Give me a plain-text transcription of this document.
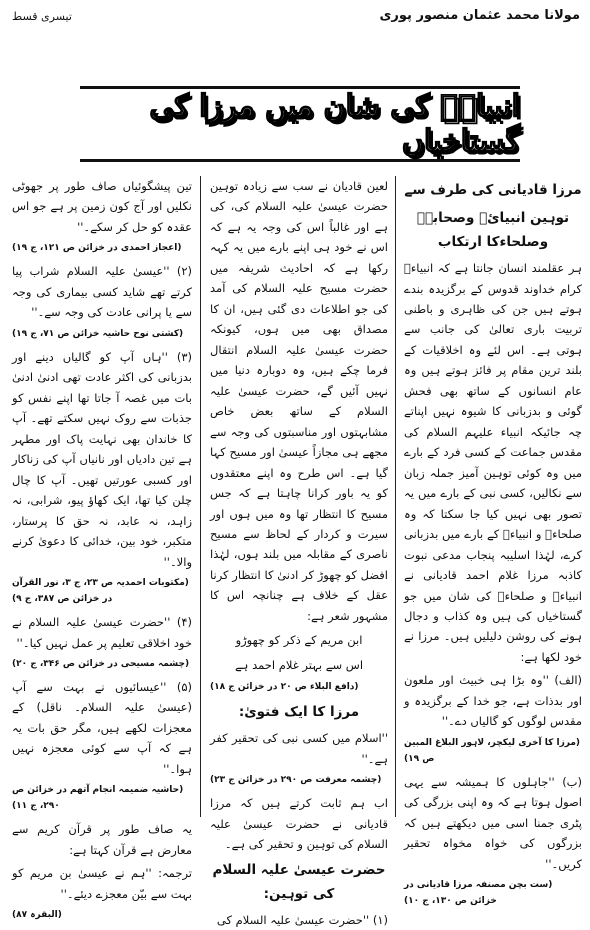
مولانا محمد عثمان منصور پوری
تیسری قسط
انبیائؑ کی شان میں مرزا کی گستاخیاں
مرزا قادیانی کی طرف سے
توہین انبیائؑ وصحابہؓ وصلحاءکا ارتکاب

ہر عقلمند انسان جانتا ہے کہ انبیاءؑ کرام خداوند قدوس کے برگزیدہ بندے ہوتے ہیں جن کی ظاہری و باطنی تربیت باری تعالیٰ کی جانب سے ہوتی ہے۔ اس لئے وہ اخلاقیات کے بلند ترین مقام پر فائز ہوتے ہیں وہ عام انسانوں کے ساتھ بھی فحش گوئی و بدزبانی کا شیوہ نہیں اپناتے چہ جائیکہ انبیاء علیہم السلام کی مقدس جماعت کے کسی فرد کے بارے میں وہ کوئی توہین آمیز جملہ زبان سے نکالیں، کسی نبی کے بارے میں یہ تصور بھی نہیں کیا جا سکتا کہ وہ صلحاءؒ و انبیاءؑ کے بارے میں بدزبانی کرے، لہٰذا اسلیبہ پنجاب مدعی نبوت کاذبہ مرزا غلام احمد قادیانی نے انبیاءؑ و صلحاءؒ کی شان میں جو گستاخیاں کی ہیں وہ کذاب و دجال ہونے کی روشن دلیلیں ہیں۔ مرزا نے خود لکھا ہے:

(الف) ''وہ بڑا ہی خبیث اور ملعون اور بدذات ہے، جو خدا کے برگزیدہ و مقدس لوگوں کو گالیاں دے۔''

(مرزا کا آخری لیکچر، لاہور البلاغ المبین ص ۱۹)

(ب) ''جاہلوں کا ہمیشہ سے یہی اصول ہوتا ہے کہ وہ اپنی بزرگی کی پٹری جمنا اسی میں دیکھتے ہیں کہ بزرگوں کی خواہ مخواہ تحقیر کریں۔''

(ست بچن مصنفہ مرزا قادیانی در خزائن ص ۱۳۰، ج ۱۰)

لعین قادیان نے سب سے زیادہ توہین حضرت عیسیٰ علیہ السلام کی، کی ہے اور غالباً اس کی وجہ یہ ہے کہ اس نے خود ہی اپنے بارے میں یہ کہہ رکھا ہے کہ احادیث شریفہ میں حضرت مسیح علیہ السلام کی آمد کی جو اطلاعات دی گئی ہیں، ان کا مصداق بھی میں ہوں، کیونکہ حضرت عیسیٰ علیہ السلام انتقال فرما چکے ہیں، وہ دوبارہ دنیا میں نہیں آئیں گے، حضرت عیسیٰ علیہ السلام کے ساتھ بعض خاص مشابہتوں اور مناسبتوں کی وجہ سے مجھے ہی مجازاً عیسیٰ اور مسیح کہا گیا ہے۔ اس طرح وہ اپنے معتقدوں کو یہ باور کرانا چاہتا ہے کہ جس مسیح کا انتظار تھا وہ میں ہوں اور سیرت و کردار کے لحاظ سے مسیح ناصری کے مقابلہ میں بلند ہوں، لہٰذا افضل کو چھوڑ کر ادنیٰ کا انتظار کرنا عقل کے خلاف ہے چنانچہ اس کا مشہور شعر ہے:

ابن مریم کے ذکر کو چھوڑو
اس سے بہتر غلام احمد ہے
(دافع البلاء ص ۲۰ در خزائن ج ۱۸)
مرزا کا ایک فتویٰ:

''اسلام میں کسی نبی کی تحقیر کفر ہے۔''

(چشمہ معرفت ص ۲۹۰ در خزائن ج ۲۳)

اب ہم ثابت کرتے ہیں کہ مرزا قادیانی نے حضرت عیسیٰ علیہ السلام کی توہین و تحقیر کی ہے۔

حضرت عیسیٰ علیہ السلام کی توہین:

(۱) ''حضرت عیسیٰ علیہ السلام کی

تین پیشگوئیاں صاف طور پر جھوٹی نکلیں اور آج کون زمین پر ہے جو اس عقدہ کو حل کر سکے۔''

(اعجاز احمدی در خزائن ص ۱۲۱، ج ۱۹)

(۲) ''عیسیٰ علیہ السلام شراب پیا کرتے تھے شاید کسی بیماری کی وجہ سے یا پرانی عادت کی وجہ سے۔''

(کشتی نوح حاشیہ خزائن ص ۷۱، ج ۱۹)

(۳) ''ہاں آپ کو گالیاں دینے اور بدزبانی کی اکثر عادت تھی ادنیٰ ادنیٰ بات میں غصہ آ جاتا تھا اپنے نفس کو جذبات سے روک نہیں سکتے تھے۔ آپ کا خاندان بھی نہایت پاک اور مطہر ہے تین دادیاں اور نانیاں آپ کی زناکار اور کسبی عورتیں تھیں۔ آپ کا چال چلن کیا تھا، ایک کھاؤ پیو، شرابی، نہ زاہد، نہ عابد، نہ حق کا پرستار، متکبر، خود بین، خدائی کا دعویٰ کرنے والا۔''

(مکتوبات احمدیہ ص ۲۳، ج ۳، نور القرآن در خزائن ص ۳۸۷، ج ۹)

(۴) ''حضرت عیسیٰ علیہ السلام نے خود اخلاقی تعلیم پر عمل نہیں کیا۔''

(چشمہ مسیحی در خزائن ص ۳۴۶، ج ۲۰)

(۵) ''عیسائیوں نے بہت سے آپ (عیسیٰ علیہ السلام۔ ناقل) کے معجزات لکھے ہیں، مگر حق بات یہ ہے کہ آپ سے کوئی معجزہ نہیں ہوا۔''

(حاشیہ ضمیمہ انجام آتھم در خزائن ص ۲۹۰، ج ۱۱)

یہ صاف طور پر قرآن کریم سے معارض ہے قرآن کہتا ہے:

ترجمہ: ''ہم نے عیسیٰ بن مریم کو بہت سے بیّن معجزے دیئے۔''

(البقرہ ۸۷)
